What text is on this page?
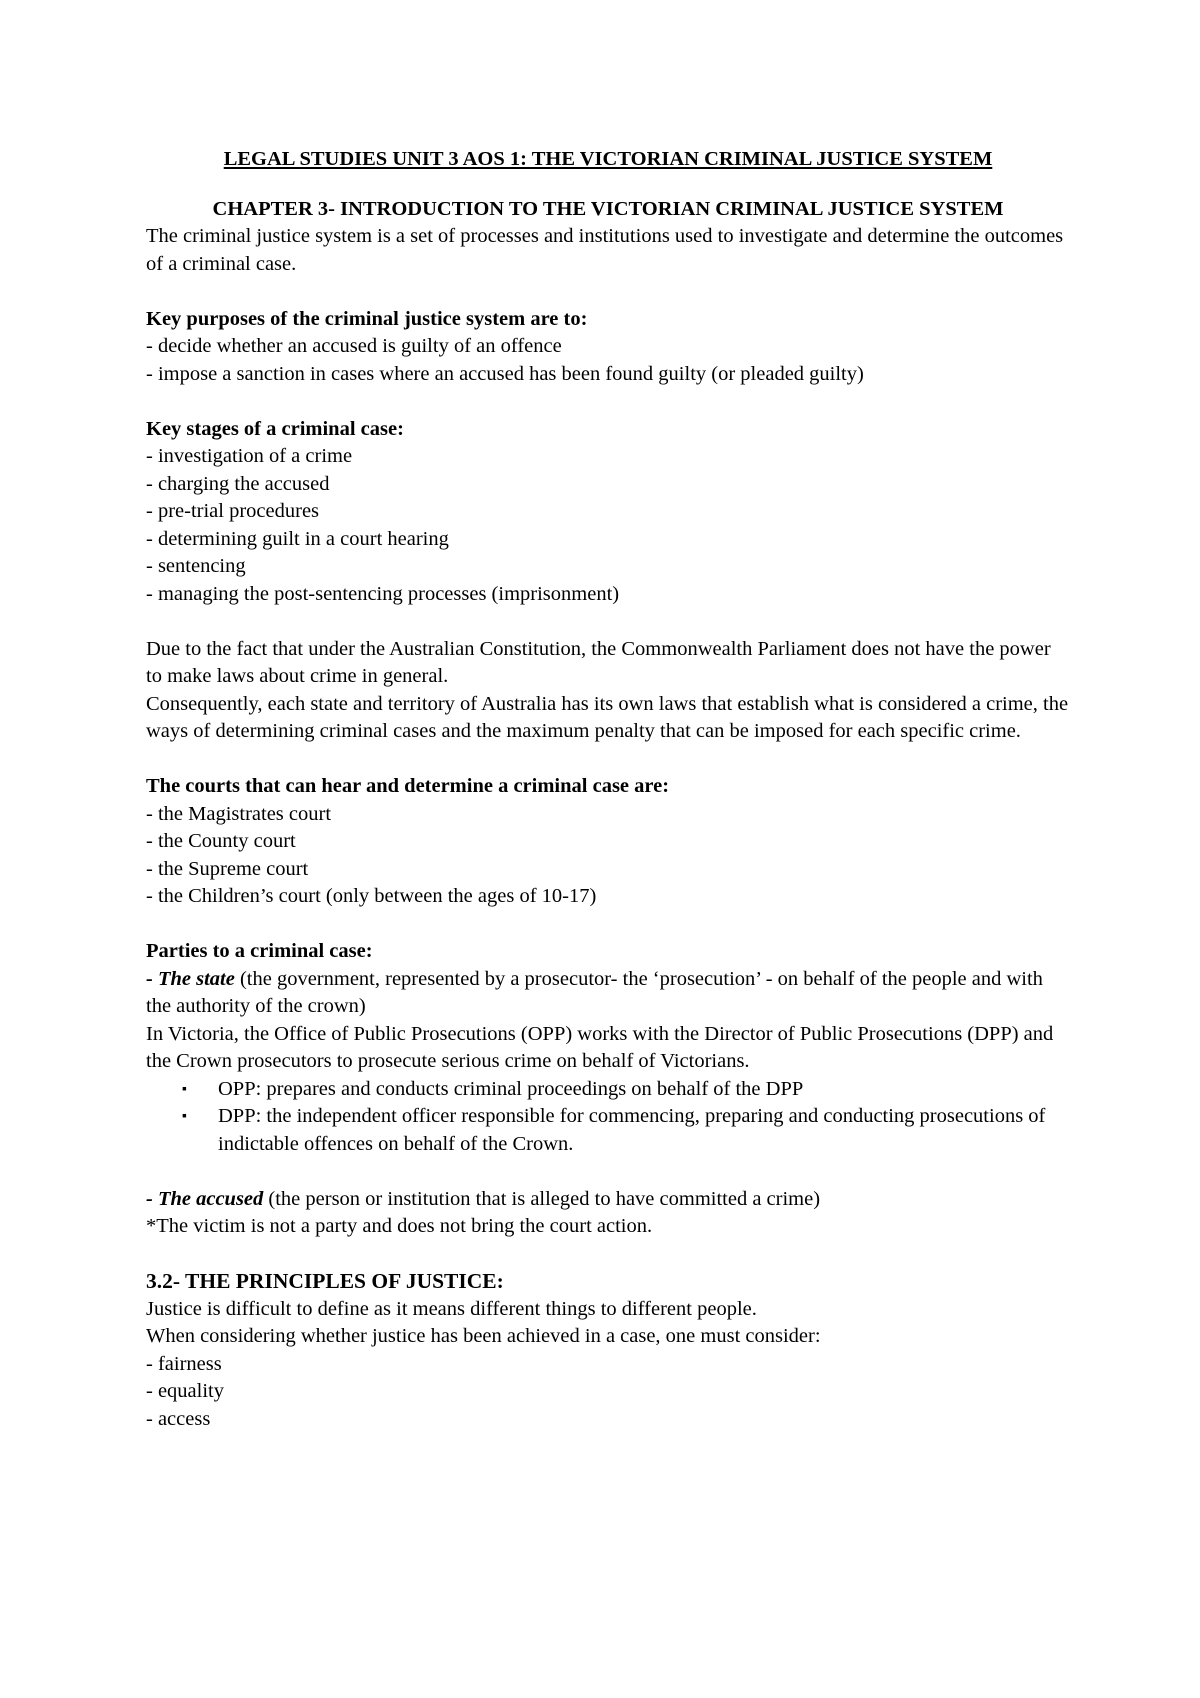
LEGAL STUDIES UNIT 3 AOS 1: THE VICTORIAN CRIMINAL JUSTICE SYSTEM

CHAPTER 3- INTRODUCTION TO THE VICTORIAN CRIMINAL JUSTICE SYSTEM

The criminal justice system is a set of processes and institutions used to investigate and determine the outcomes of a criminal case.

Key purposes of the criminal justice system are to:

- decide whether an accused is guilty of an offence

- impose a sanction in cases where an accused has been found guilty (or pleaded guilty)

Key stages of a criminal case:

- investigation of a crime

- charging the accused

- pre-trial procedures

- determining guilt in a court hearing

- sentencing

- managing the post-sentencing processes (imprisonment)

Due to the fact that under the Australian Constitution, the Commonwealth Parliament does not have the power to make laws about crime in general.

Consequently, each state and territory of Australia has its own laws that establish what is considered a crime, the ways of determining criminal cases and the maximum penalty that can be imposed for each specific crime.

The courts that can hear and determine a criminal case are:

- the Magistrates court

- the County court

- the Supreme court

- the Children’s court (only between the ages of 10-17)

Parties to a criminal case:

- The state (the government, represented by a prosecutor- the ‘prosecution’ - on behalf of the people and with the authority of the crown)

In Victoria, the Office of Public Prosecutions (OPP) works with the Director of Public Prosecutions (DPP) and the Crown prosecutors to prosecute serious crime on behalf of Victorians.

▪ OPP: prepares and conducts criminal proceedings on behalf of the DPP
▪ DPP: the independent officer responsible for commencing, preparing and conducting prosecutions of indictable offences on behalf of the Crown.

- The accused (the person or institution that is alleged to have committed a crime)

*The victim is not a party and does not bring the court action.

3.2- THE PRINCIPLES OF JUSTICE:

Justice is difficult to define as it means different things to different people.

When considering whether justice has been achieved in a case, one must consider:

- fairness

- equality

- access
